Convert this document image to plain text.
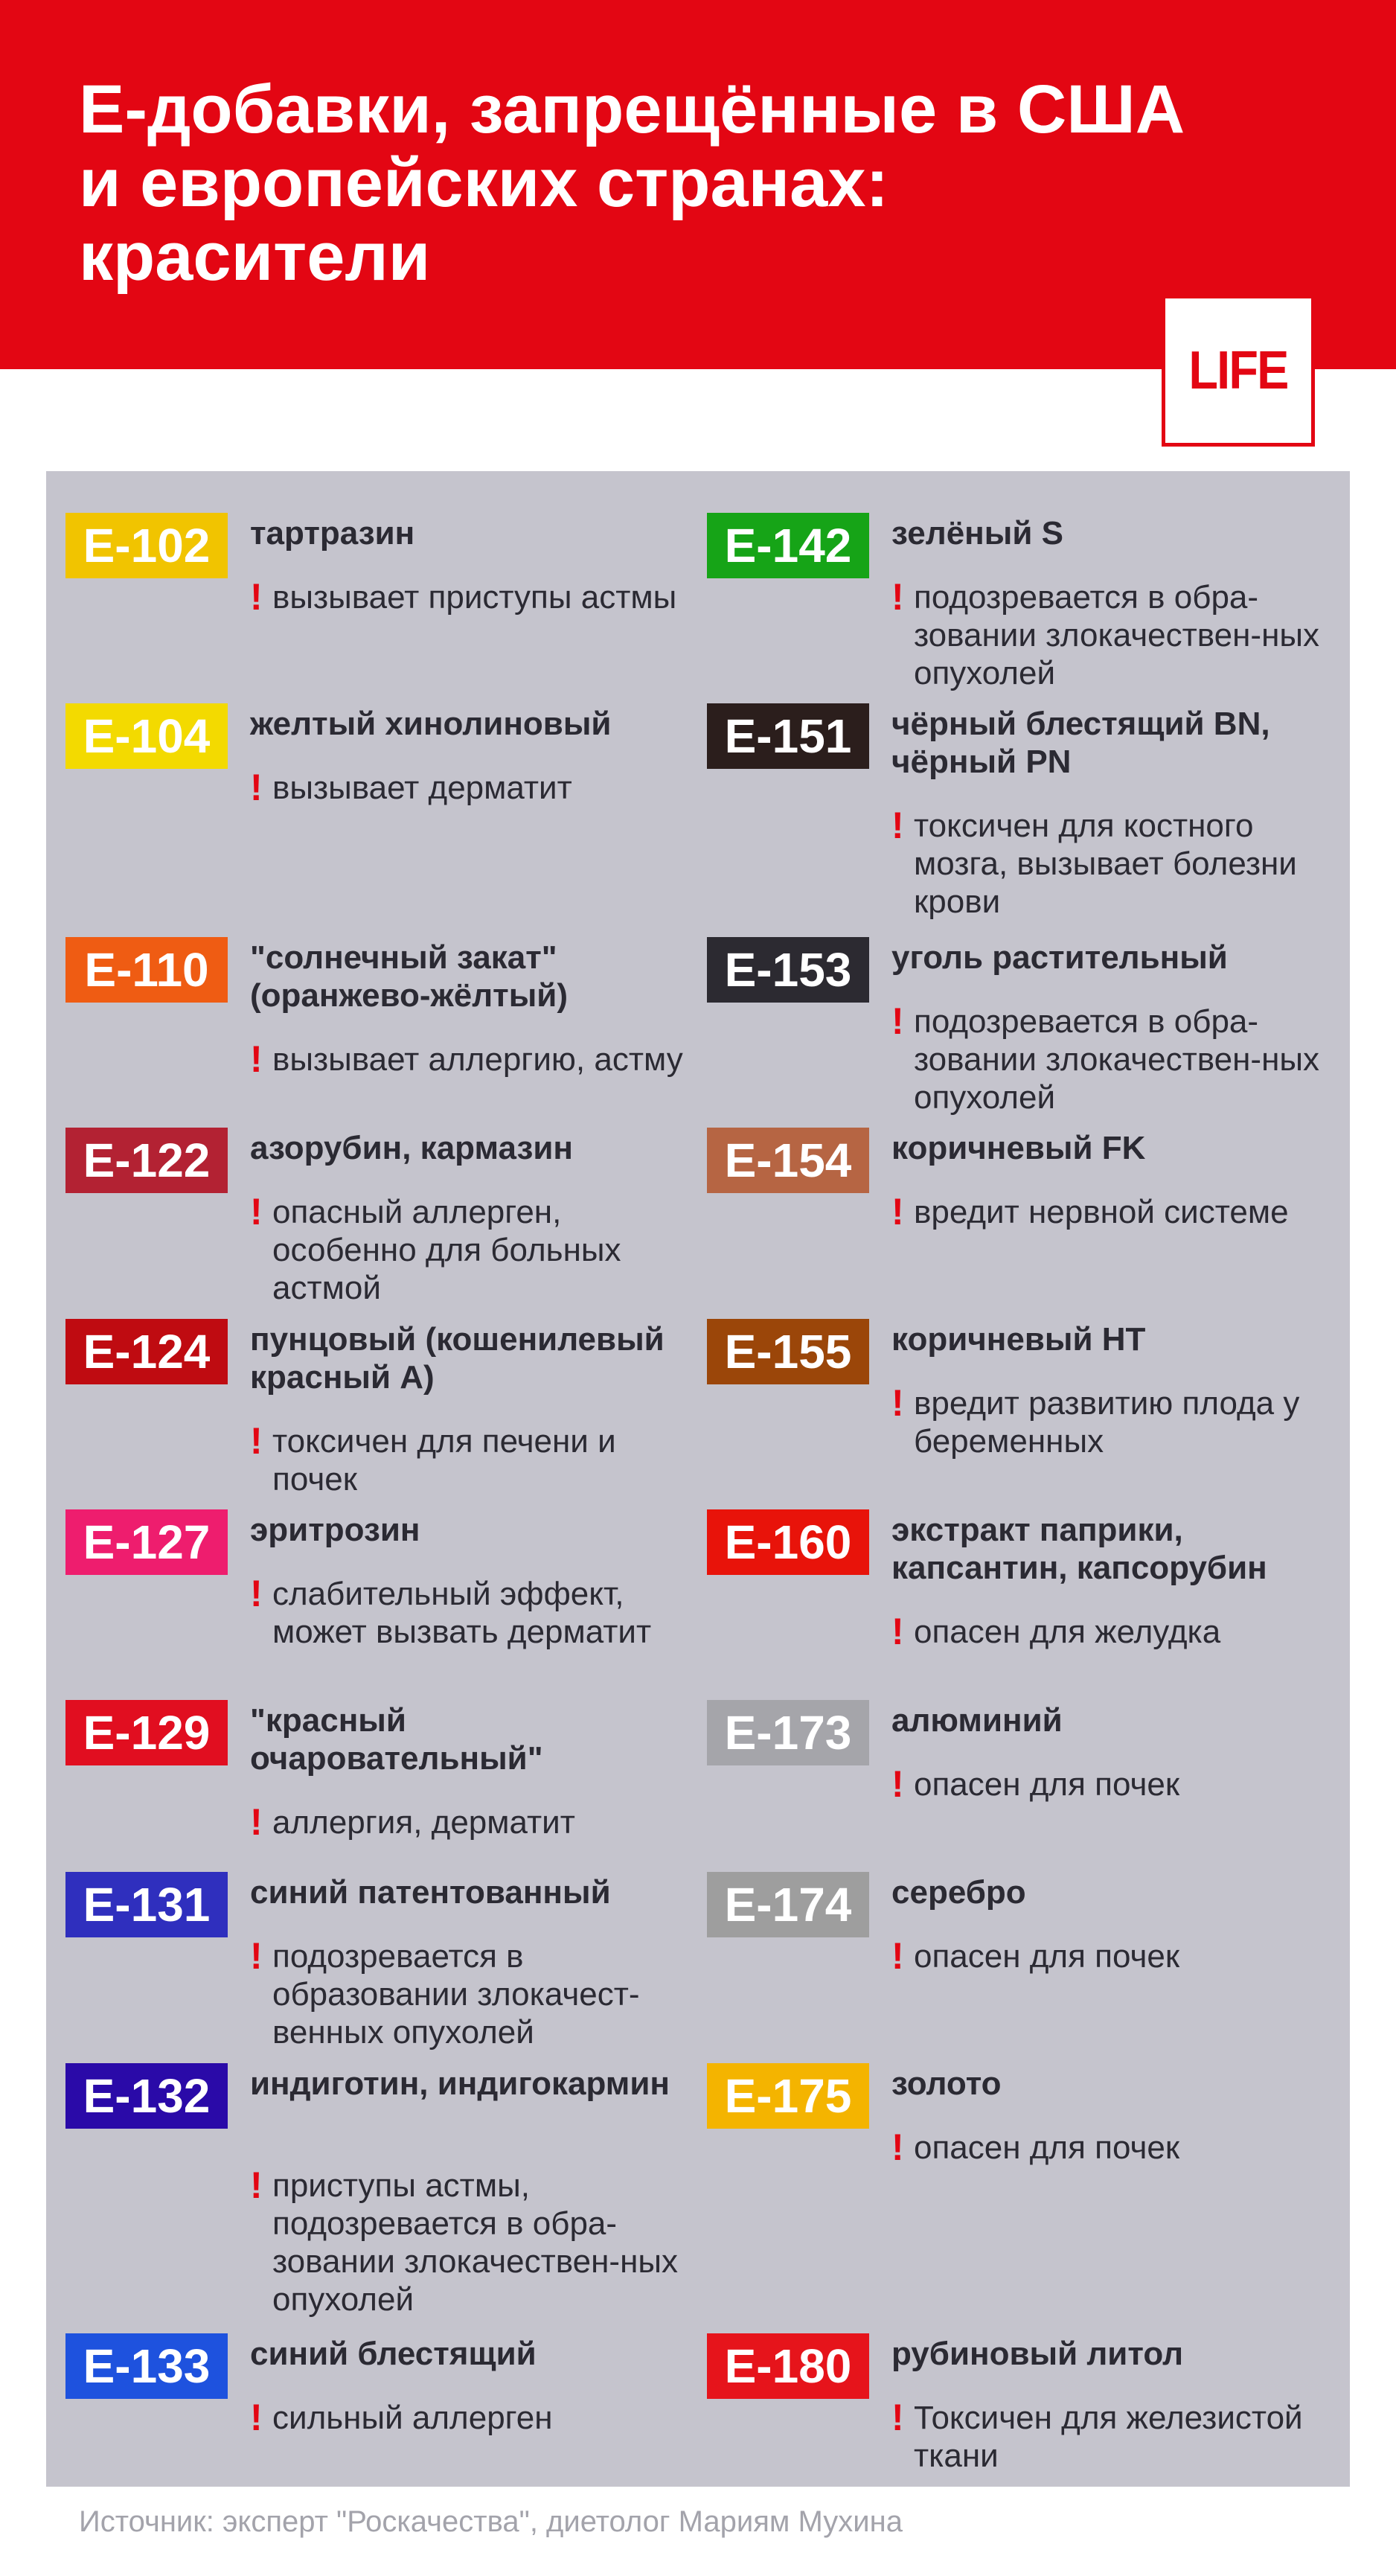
Е-добавки, запрещённые в США
и европейских странах:
красители
LIFE
E-102	тартразин
! вызывает приступы астмы
E-104	желтый хинолиновый
! вызывает дерматит
E-110	"солнечный закат" (оранжево-жёлтый)
! вызывает аллергию, астму
E-122	азорубин, кармазин
! опасный аллерген, особенно для больных астмой
E-124	пунцовый (кошенилевый красный А)
! токсичен для печени и почек
E-127	эритрозин
! слабительный эффект, может вызвать дерматит
E-129	"красный очаровательный"
! аллергия, дерматит
E-131	синий патентованный
! подозревается в образовании злокачест-венных опухолей
E-132	индиготин, индигокармин
! приступы астмы, подозревается в обра-зовании злокачествен-ных опухолей
E-133	синий блестящий
! сильный аллерген
E-142	зелёный S
! подозревается в обра-зовании злокачествен-ных опухолей
E-151	чёрный блестящий BN, чёрный PN
! токсичен для костного мозга, вызывает болезни крови
E-153	уголь растительный
! подозревается в обра-зовании злокачествен-ных опухолей
E-154	коричневый FK
! вредит нервной системе
E-155	коричневый HT
! вредит развитию плода у беременных
E-160	экстракт паприки, капсантин, капсорубин
! опасен для желудка
E-173	алюминий
! опасен для почек
E-174	серебро
! опасен для почек
E-175	золото
! опасен для почек
E-180	рубиновый литол
! Токсичен для железистой ткани
Источник: эксперт "Роскачества", диетолог Мариям Мухина
